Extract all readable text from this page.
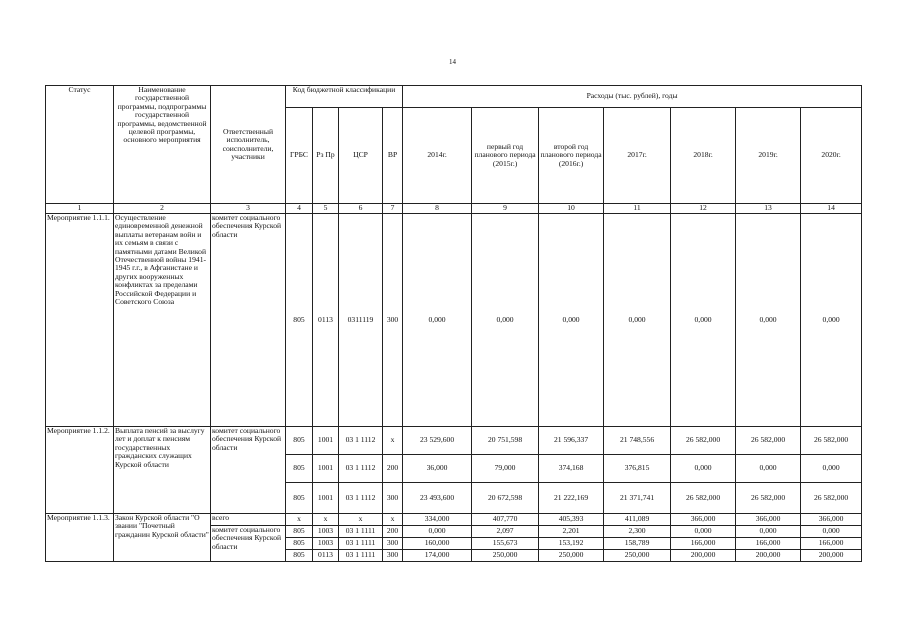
14
Статус	Наименование государственной программы, подпрограммы государственной программы, ведомственной целевой программы, основного мероприятия	Ответственный исполнитель, соисполнители, участники	Код бюджетной классификации				Расходы (тыс. рублей), годы						
			ГРБС	Рз Пр	ЦСР	ВР	2014г.	первый год планового периода (2015г.)	второй год планового периода (2016г.)	2017г.	2018г.	2019г.	2020г.
1	2	3	4	5	6	7	8	9	10	11	12	13	14
Мероприятие 1.1.1.	Осуществление единовременной денежной выплаты ветеранам войн и их семьям в связи с памятными датами Великой Отечественной войны 1941-1945 г.г., в Афганистане и других вооруженных конфликтах за пределами Российской Федерации и Советского Союза	комитет социального обеспечения Курской области	805	0113	0311119	300	0,000	0,000	0,000	0,000	0,000	0,000	0,000
Мероприятие 1.1.2.	Выплата пенсий за выслугу лет и доплат к пенсиям государственных гражданских служащих Курской области	комитет социального обеспечения Курской области	805	1001	03 1 1112	х	23 529,600	20 751,598	21 596,337	21 748,556	26 582,000	26 582,000	26 582,000
			805	1001	03 1 1112	200	36,000	79,000	374,168	376,815	0,000	0,000	0,000
			805	1001	03 1 1112	300	23 493,600	20 672,598	21 222,169	21 371,741	26 582,000	26 582,000	26 582,000
Мероприятие 1.1.3.	Закон Курской области "О звании "Почетный гражданин Курской области"	всего	х	х	х	х	334,000	407,770	405,393	411,089	366,000	366,000	366,000
		комитет социального обеспечения Курской области	805	1003	03 1 1111	200	0,000	2,097	2,201	2,300	0,000	0,000	0,000
			805	1003	03 1 1111	300	160,000	155,673	153,192	158,789	166,000	166,000	166,000
			805	0113	03 1 1111	300	174,000	250,000	250,000	250,000	200,000	200,000	200,000
